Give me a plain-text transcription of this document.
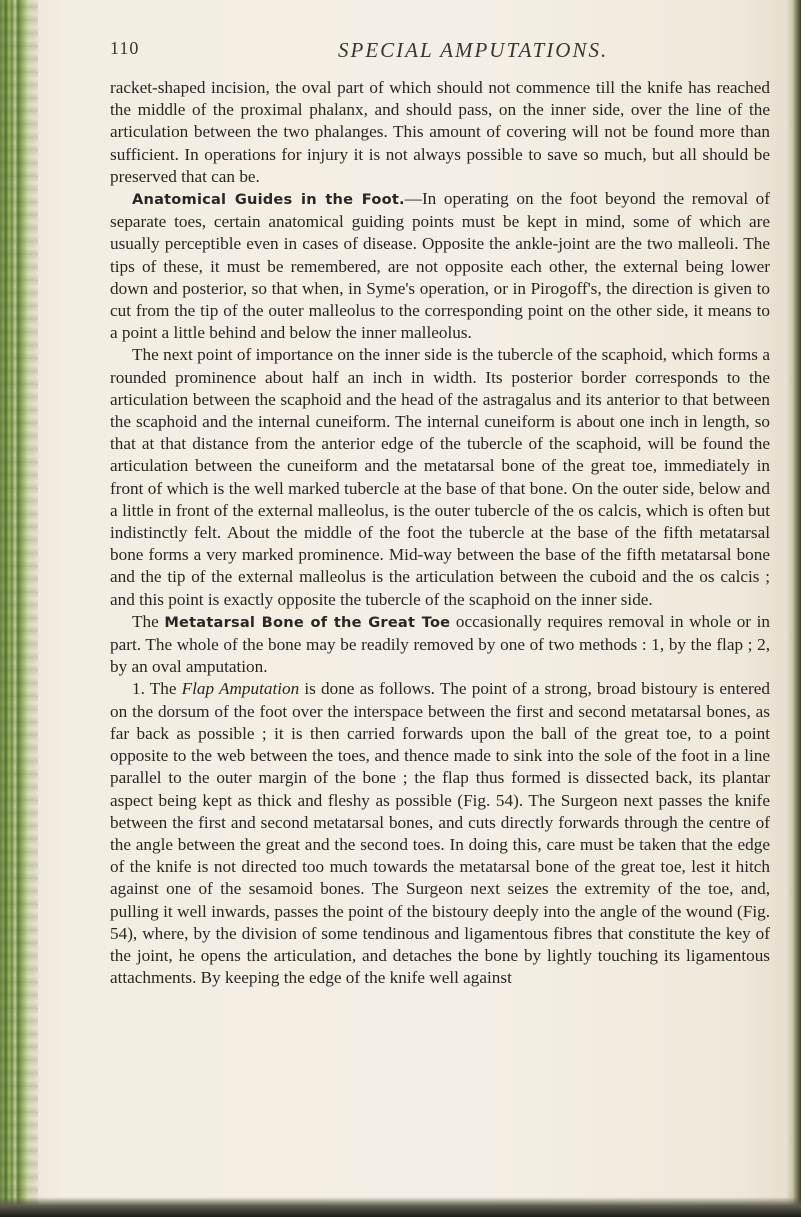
110	SPECIAL AMPUTATIONS.

racket-shaped incision, the oval part of which should not commence till the knife has reached the middle of the proximal phalanx, and should pass, on the inner side, over the line of the articulation between the two phalanges. This amount of covering will not be found more than sufficient. In operations for injury it is not always possible to save so much, but all should be preserved that can be.

Anatomical Guides in the Foot.—In operating on the foot beyond the removal of separate toes, certain anatomical guiding points must be kept in mind, some of which are usually perceptible even in cases of disease. Opposite the ankle-joint are the two malleoli. The tips of these, it must be remembered, are not opposite each other, the external being lower down and posterior, so that when, in Syme's operation, or in Pirogoff's, the direction is given to cut from the tip of the outer malleolus to the corresponding point on the other side, it means to a point a little behind and below the inner malleolus.

The next point of importance on the inner side is the tubercle of the scaphoid, which forms a rounded prominence about half an inch in width. Its posterior border corresponds to the articulation between the scaphoid and the head of the astragalus and its anterior to that between the scaphoid and the internal cuneiform. The internal cuneiform is about one inch in length, so that at that distance from the anterior edge of the tubercle of the scaphoid, will be found the articulation between the cuneiform and the metatarsal bone of the great toe, immediately in front of which is the well marked tubercle at the base of that bone. On the outer side, below and a little in front of the external malleolus, is the outer tubercle of the os calcis, which is often but indistinctly felt. About the middle of the foot the tubercle at the base of the fifth metatarsal bone forms a very marked prominence. Mid-way between the base of the fifth metatarsal bone and the tip of the external malleolus is the articulation between the cuboid and the os calcis ; and this point is exactly opposite the tubercle of the scaphoid on the inner side.

The Metatarsal Bone of the Great Toe occasionally requires removal in whole or in part. The whole of the bone may be readily removed by one of two methods : 1, by the flap ; 2, by an oval amputation.

1. The Flap Amputation is done as follows. The point of a strong, broad bistoury is entered on the dorsum of the foot over the interspace between the first and second metatarsal bones, as far back as possible ; it is then carried forwards upon the ball of the great toe, to a point opposite to the web between the toes, and thence made to sink into the sole of the foot in a line parallel to the outer margin of the bone ; the flap thus formed is dissected back, its plantar aspect being kept as thick and fleshy as possible (Fig. 54). The Surgeon next passes the knife between the first and second metatarsal bones, and cuts directly forwards through the centre of the angle between the great and the second toes. In doing this, care must be taken that the edge of the knife is not directed too much towards the metatarsal bone of the great toe, lest it hitch against one of the sesamoid bones. The Surgeon next seizes the extremity of the toe, and, pulling it well inwards, passes the point of the bistoury deeply into the angle of the wound (Fig. 54), where, by the division of some tendinous and ligamentous fibres that constitute the key of the joint, he opens the articulation, and detaches the bone by lightly touching its ligamentous attachments. By keeping the edge of the knife well against
